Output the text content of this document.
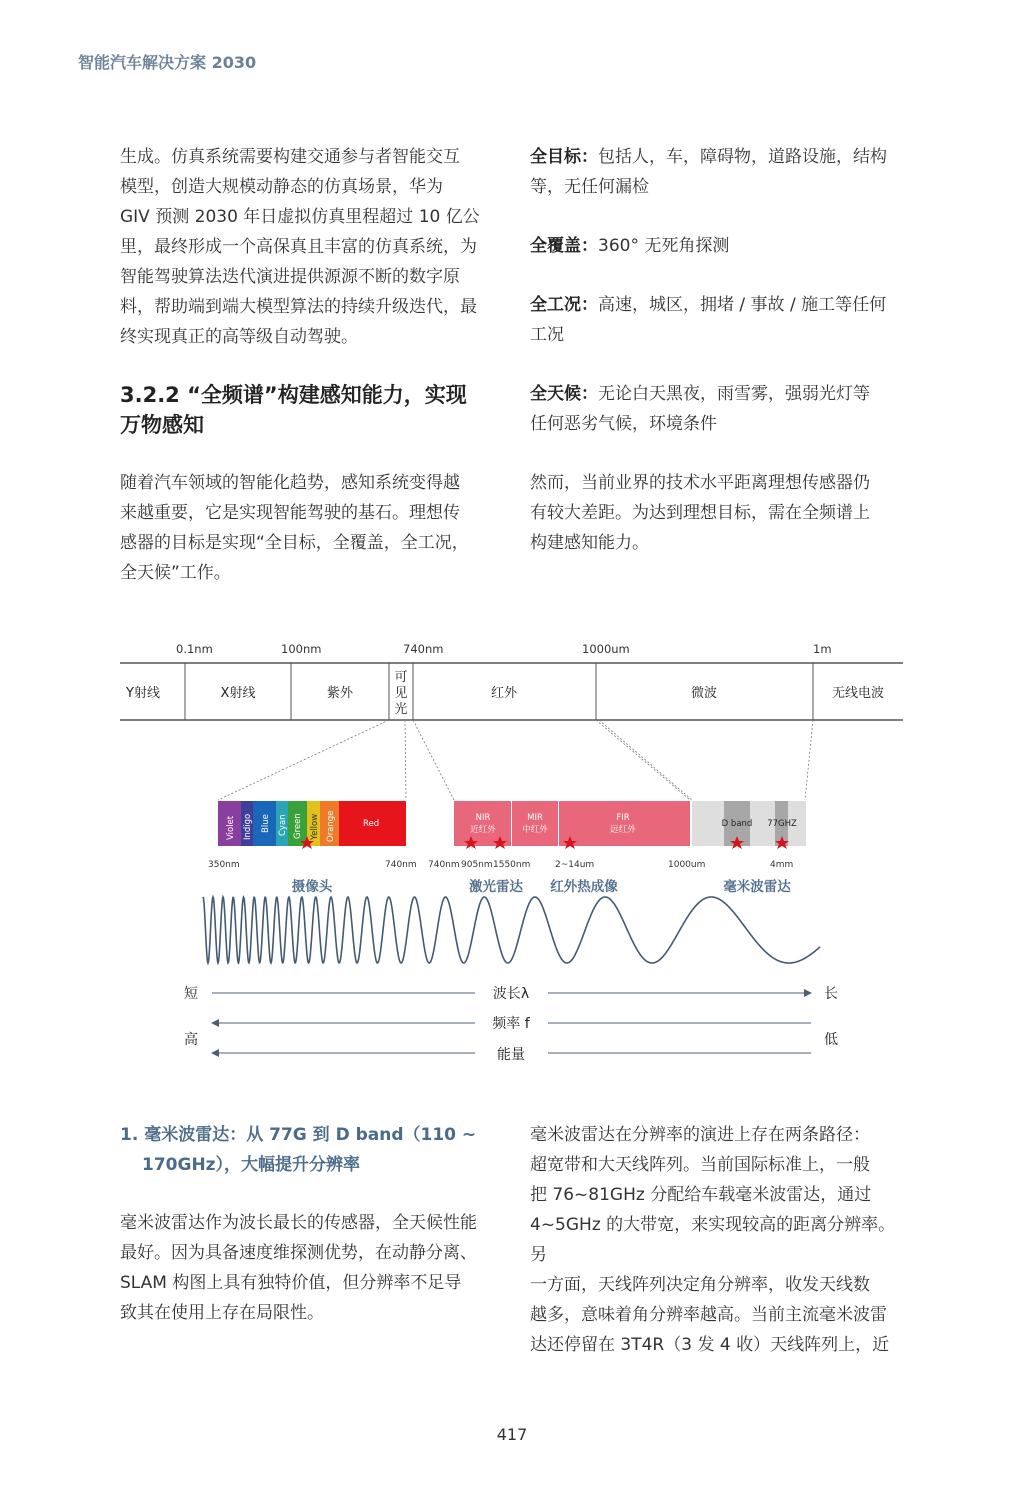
智能汽车解决方案 2030

生成。仿真系统需要构建交通参与者智能交互

模型，创造大规模动静态的仿真场景，华为

GIV 预测 2030 年日虚拟仿真里程超过 10 亿公

里，最终形成一个高保真且丰富的仿真系统，为

智能驾驶算法迭代演进提供源源不断的数字原

料，帮助端到端大模型算法的持续升级迭代，最

终实现真正的高等级自动驾驶。

3.2.2 “全频谱”构建感知能力，实现
万物感知

随着汽车领域的智能化趋势，感知系统变得越

来越重要，它是实现智能驾驶的基石。理想传

感器的目标是实现“全目标，全覆盖，全工况，

全天候”工作。

全目标：包括人，车，障碍物，道路设施，结构

等，无任何漏检

全覆盖：360° 无死角探测

全工况：高速，城区，拥堵 / 事故 / 施工等任何

工况

全天候：无论白天黑夜，雨雪雾，强弱光灯等

任何恶劣气候，环境条件

然而，当前业界的技术水平距离理想传感器仍

有较大差距。为达到理想目标，需在全频谱上

构建感知能力。

0.1nm	100nm	740nm	1000um	1m
Y射线	X射线	紫外
可
见
光
红外	微波	无线电波
Violet Indigo Blue Cyan Green Yellow Orange	Red
NIR
近红外
MIR
中红外
FIR
远红外
D band 77GHZ
350nm	740nm 740nm 905nm 1550nm	2~14um	1000um	4mm
摄像头	激光雷达 红外热成像	毫米波雷达
短	长
高	低
波长λ
频率 f
能量
1. 毫米波雷达：从 77G 到 D band（110 ~
170GHz），大幅提升分辨率

毫米波雷达作为波长最长的传感器，全天候性能

最好。因为具备速度维探测优势，在动静分离、

SLAM 构图上具有独特价值，但分辨率不足导

致其在使用上存在局限性。

毫米波雷达在分辨率的演进上存在两条路径：

超宽带和大天线阵列。当前国际标准上，一般

把 76~81GHz 分配给车载毫米波雷达，通过

4~5GHz 的大带宽，来实现较高的距离分辨率。另

一方面，天线阵列决定角分辨率，收发天线数

越多，意味着角分辨率越高。当前主流毫米波雷

达还停留在 3T4R（3 发 4 收）天线阵列上，近

417
